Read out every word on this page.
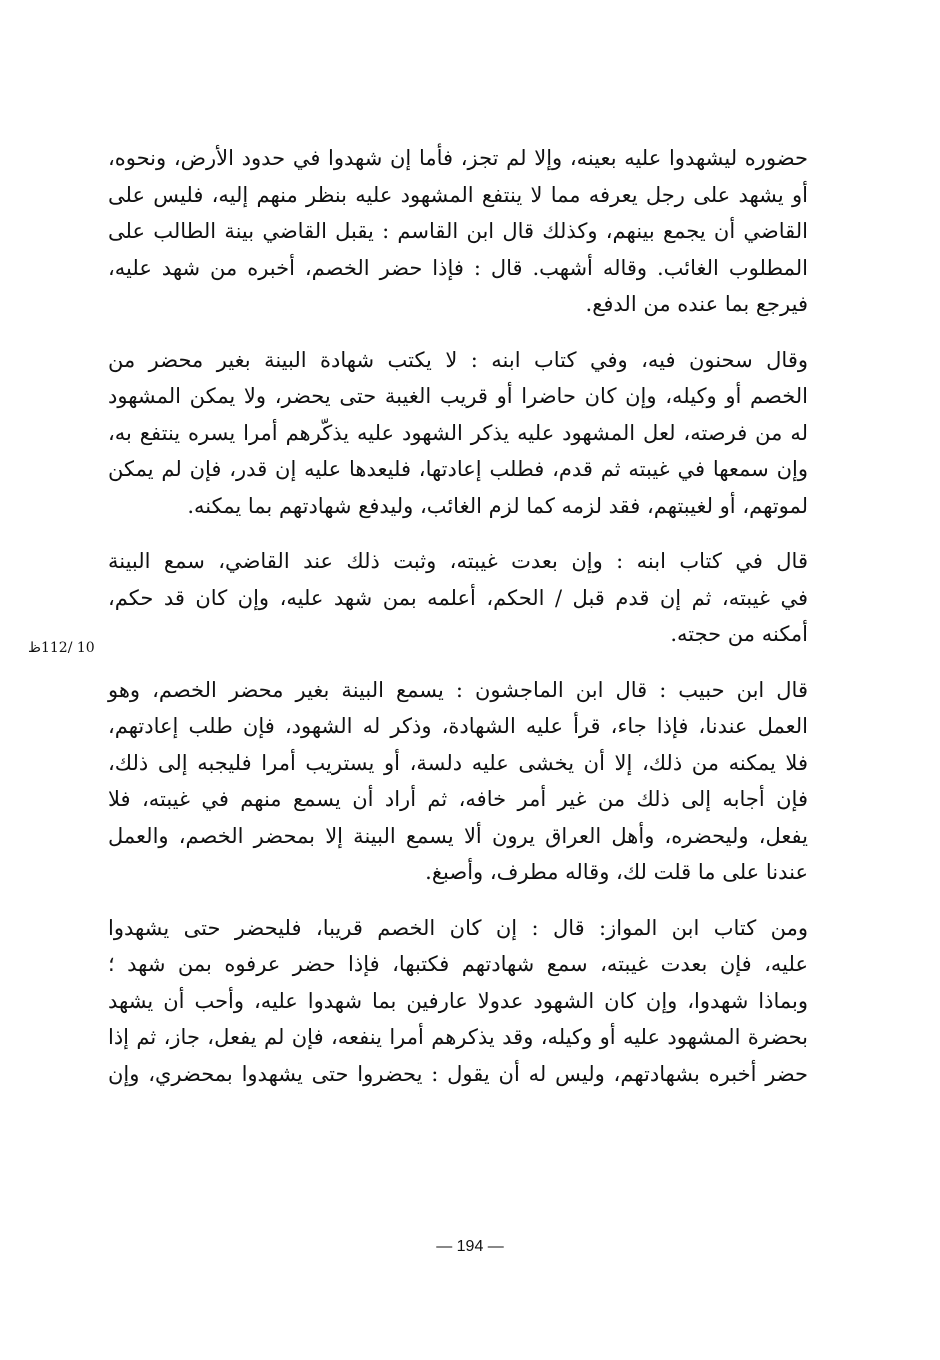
حضوره ليشهدوا عليه بعينه، وإلا لم تجز، فأما إن شهدوا في حدود الأرض، ونحوه،
أو يشهد على رجل يعرفه مما لا ينتفع المشهود عليه بنظر منهم إليه، فليس على
القاضي أن يجمع بينهم، وكذلك قال ابن القاسم : يقبل القاضي بينة الطالب على
المطلوب الغائب. وقاله أشهب. قال : فإذا حضر الخصم، أخبره من شهد عليه،
فيرجع بما عنده من الدفع.

وقال سحنون فيه، وفي كتاب ابنه : لا يكتب شهادة البينة بغير محضر من
الخصم أو وكيله، وإن كان حاضرا أو قريب الغيبة حتى يحضر، ولا يمكن المشهود
له من فرصته، لعل المشهود عليه يذكر الشهود عليه يذكّرهم أمرا يسره ينتفع به،
وإن سمعها في غيبته ثم قدم، فطلب إعادتها، فليعدها عليه إن قدر، فإن لم يمكن
لموتهم، أو لغيبتهم، فقد لزمه كما لزم الغائب، وليدفع شهادتهم بما يمكنه.

قال في كتاب ابنه : وإن بعدت غيبته، وثبت ذلك عند القاضي، سمع البينة
في غيبته، ثم إن قدم قبل / الحكم، أعلمه بمن شهد عليه، وإن كان قد حكم،
أمكنه من حجته.

قال ابن حبيب : قال ابن الماجشون : يسمع البينة بغير محضر الخصم، وهو
العمل عندنا، فإذا جاء، قرأ عليه الشهادة، وذكر له الشهود، فإن طلب إعادتهم،
فلا يمكنه من ذلك، إلا أن يخشى عليه دلسة، أو يستريب أمرا فليجبه إلى ذلك،
فإن أجابه إلى ذلك من غير أمر خافه، ثم أراد أن يسمع منهم في غيبته، فلا
يفعل، وليحضره، وأهل العراق يرون ألا يسمع البينة إلا بمحضر الخصم، والعمل
عندنا على ما قلت لك، وقاله مطرف، وأصبغ.

ومن كتاب ابن المواز: قال : إن كان الخصم قريبا، فليحضر حتى يشهدوا
عليه، فإن بعدت غيبته، سمع شهادتهم فكتبها، فإذا حضر عرفوه بمن شهد ؛
وبماذا شهدوا، وإن كان الشهود عدولا عارفين بما شهدوا عليه، وأحب أن يشهد
بحضرة المشهود عليه أو وكيله، وقد يذكرهم أمرا ينفعه، فإن لم يفعل، جاز، ثم إذا
حضر أخبره بشهادتهم، وليس له أن يقول : يحضروا حتى يشهدوا بمحضري، وإن

10 /112ظ
— 194 —
